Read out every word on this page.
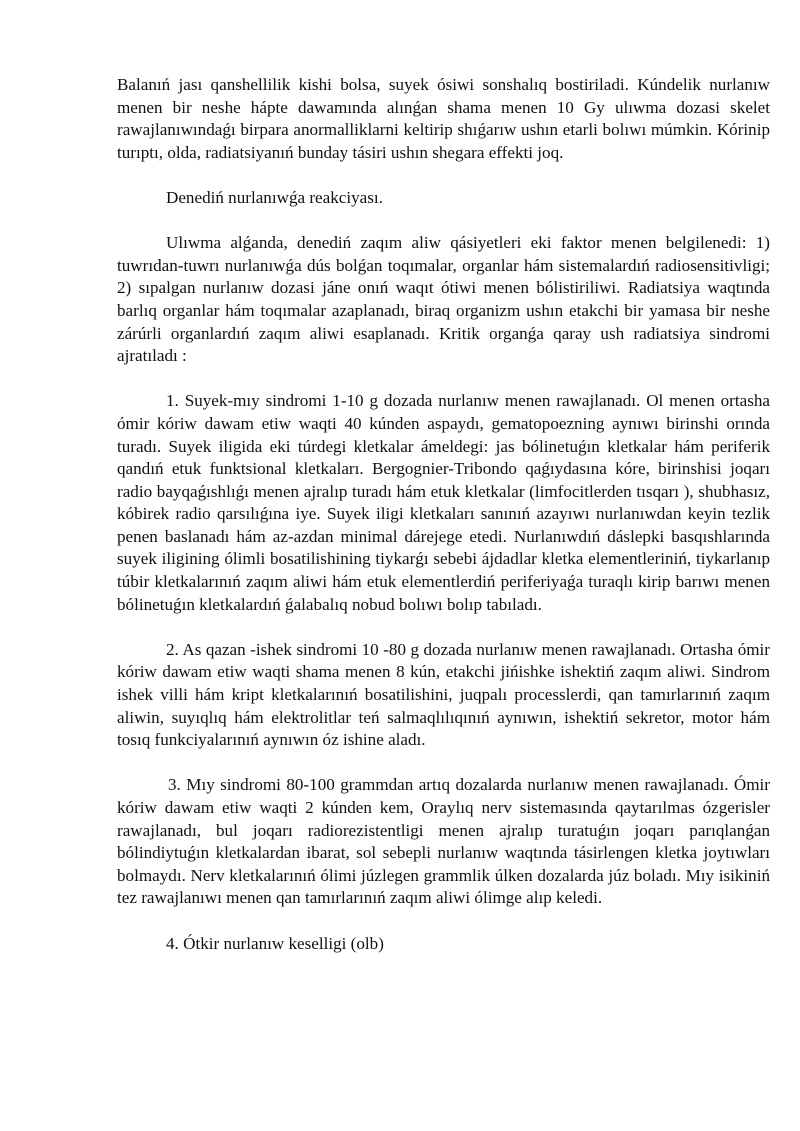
Balanıń jası qanshellilik kishi bolsa, suyek ósiwi sonshalıq bostiriladi. Kúndelik nurlanıw menen bir neshe hápte dawamında alınǵan shama menen 10 Gy ulıwma dozasi skelet rawajlanıwındaǵı birpara anormalliklarni keltirip shıǵarıw ushın etarli bolıwı múmkin. Kórinip turıptı, olda, radiatsiyanıń bunday tásiri ushın shegara effekti joq.

Denediń nurlanıwǵa reakciyası.

Ulıwma alǵanda, denediń zaqım aliw qásiyetleri eki faktor menen belgilenedi: 1) tuwrıdan-tuwrı nurlanıwǵa dús bolǵan toqımalar, organlar hám sistemalardıń radiosensitivligi; 2) sıpalgan nurlanıw dozasi jáne onıń waqıt ótiwi menen bólistiriliwi. Radiatsiya waqtında barlıq organlar hám toqımalar azaplanadı, biraq organizm ushın etakchi bir yamasa bir neshe zárúrli organlardıń zaqım aliwi esaplanadı. Kritik organǵa qaray ush radiatsiya sindromi ajratıladı :

1. Suyek-mıy sindromi 1-10 g dozada nurlanıw menen rawajlanadı. Ol menen ortasha ómir kóriw dawam etiw waqti 40 kúnden aspaydı, gematopoezning aynıwı birinshi orında turadı. Suyek iligida eki túrdegi kletkalar ámeldegi: jas bólinetuǵın kletkalar hám periferik qandıń etuk funktsional kletkaları. Bergognier-Tribondo qaǵıydasına kóre, birinshisi joqarı radio bayqaǵıshlıǵı menen ajralıp turadı hám etuk kletkalar (limfocitlerden tısqarı ), shubhasız, kóbirek radio qarsılıǵına iye. Suyek iligi kletkaları sanınıń azayıwı nurlanıwdan keyin tezlik penen baslanadı hám az-azdan minimal dárejege etedi. Nurlanıwdıń dáslepki basqıshlarında suyek iligining ólimli bosatilishining tiykarǵı sebebi ájdadlar kletka elementleriniń, tiykarlanıp túbir kletkalarınıń zaqım aliwi hám etuk elementlerdiń periferiyaǵa turaqlı kirip barıwı menen bólinetuǵın kletkalardıń ǵalabalıq nobud bolıwı bolıp tabıladı.

2. As qazan -ishek sindromi 10 -80 g dozada nurlanıw menen rawajlanadı. Ortasha ómir kóriw dawam etiw waqti shama menen 8 kún, etakchi jińishke ishektiń zaqım aliwi. Sindrom ishek villi hám kript kletkalarınıń bosatilishini, juqpalı processlerdi, qan tamırlarınıń zaqım aliwin, suyıqlıq hám elektrolitlar teń salmaqlılıqınıń aynıwın, ishektiń sekretor, motor hám tosıq funkciyalarınıń aynıwın óz ishine aladı.

3. Mıy sindromi 80-100 grammdan artıq dozalarda nurlanıw menen rawajlanadı. Ómir kóriw dawam etiw waqti 2 kúnden kem, Oraylıq nerv sistemasında qaytarılmas ózgerisler rawajlanadı, bul joqarı radiorezistentligi menen ajralıp turatuǵın joqarı parıqlanǵan bólindiytuǵın kletkalardan ibarat, sol sebepli nurlanıw waqtında tásirlengen kletka joytıwları bolmaydı. Nerv kletkalarınıń ólimi júzlegen grammlik úlken dozalarda júz boladı. Mıy isikiniń tez rawajlanıwı menen qan tamırlarınıń zaqım aliwi ólimge alıp keledi.

4. Ótkir nurlanıw keselligi (olb)
